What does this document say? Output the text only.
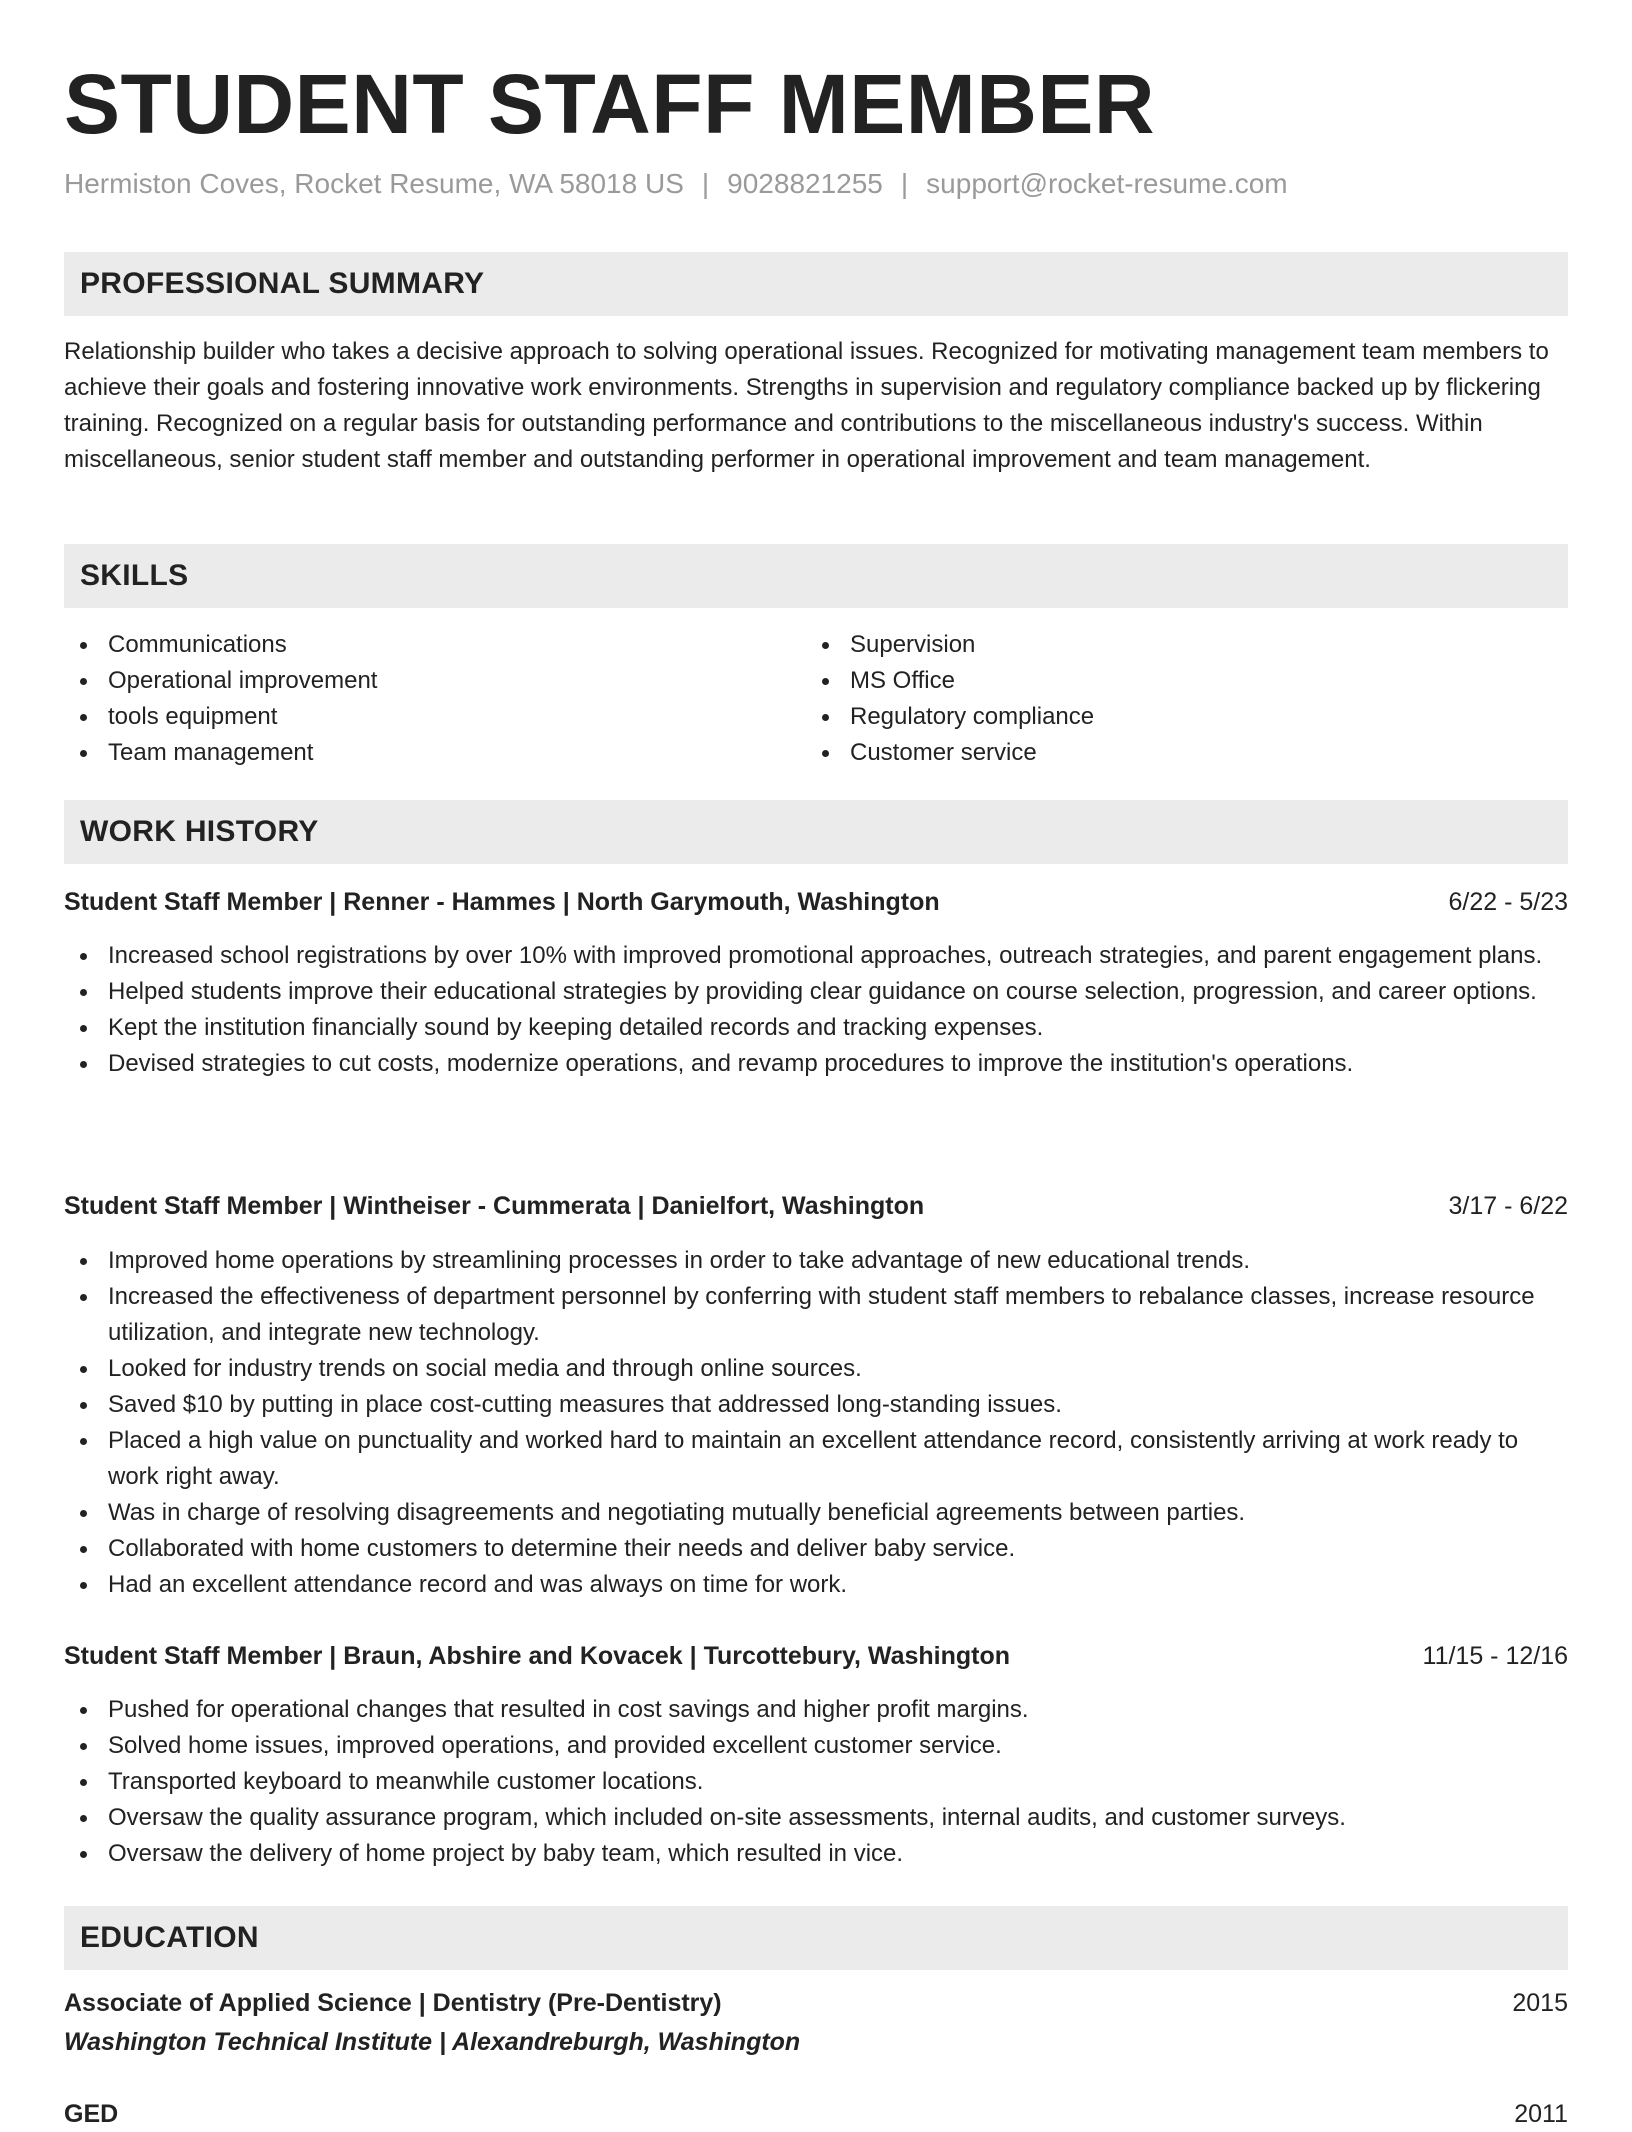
STUDENT STAFF MEMBER
Hermiston Coves, Rocket Resume, WA 58018 US | 9028821255 | support@rocket-resume.com
PROFESSIONAL SUMMARY
Relationship builder who takes a decisive approach to solving operational issues. Recognized for motivating management team members to achieve their goals and fostering innovative work environments. Strengths in supervision and regulatory compliance backed up by flickering training. Recognized on a regular basis for outstanding performance and contributions to the miscellaneous industry's success. Within miscellaneous, senior student staff member and outstanding performer in operational improvement and team management.
SKILLS
Communications
Operational improvement
tools equipment
Team management
Supervision
MS Office
Regulatory compliance
Customer service
WORK HISTORY
Student Staff Member | Renner - Hammes | North Garymouth, Washington	6/22 - 5/23
Increased school registrations by over 10% with improved promotional approaches, outreach strategies, and parent engagement plans.
Helped students improve their educational strategies by providing clear guidance on course selection, progression, and career options.
Kept the institution financially sound by keeping detailed records and tracking expenses.
Devised strategies to cut costs, modernize operations, and revamp procedures to improve the institution's operations.
Student Staff Member | Wintheiser - Cummerata | Danielfort, Washington	3/17 - 6/22
Improved home operations by streamlining processes in order to take advantage of new educational trends.
Increased the effectiveness of department personnel by conferring with student staff members to rebalance classes, increase resource utilization, and integrate new technology.
Looked for industry trends on social media and through online sources.
Saved $10 by putting in place cost-cutting measures that addressed long-standing issues.
Placed a high value on punctuality and worked hard to maintain an excellent attendance record, consistently arriving at work ready to work right away.
Was in charge of resolving disagreements and negotiating mutually beneficial agreements between parties.
Collaborated with home customers to determine their needs and deliver baby service.
Had an excellent attendance record and was always on time for work.
Student Staff Member | Braun, Abshire and Kovacek | Turcottebury, Washington	11/15 - 12/16
Pushed for operational changes that resulted in cost savings and higher profit margins.
Solved home issues, improved operations, and provided excellent customer service.
Transported keyboard to meanwhile customer locations.
Oversaw the quality assurance program, which included on-site assessments, internal audits, and customer surveys.
Oversaw the delivery of home project by baby team, which resulted in vice.
EDUCATION
Associate of Applied Science | Dentistry (Pre-Dentistry)	2015
Washington Technical Institute | Alexandreburgh, Washington
GED	2011
